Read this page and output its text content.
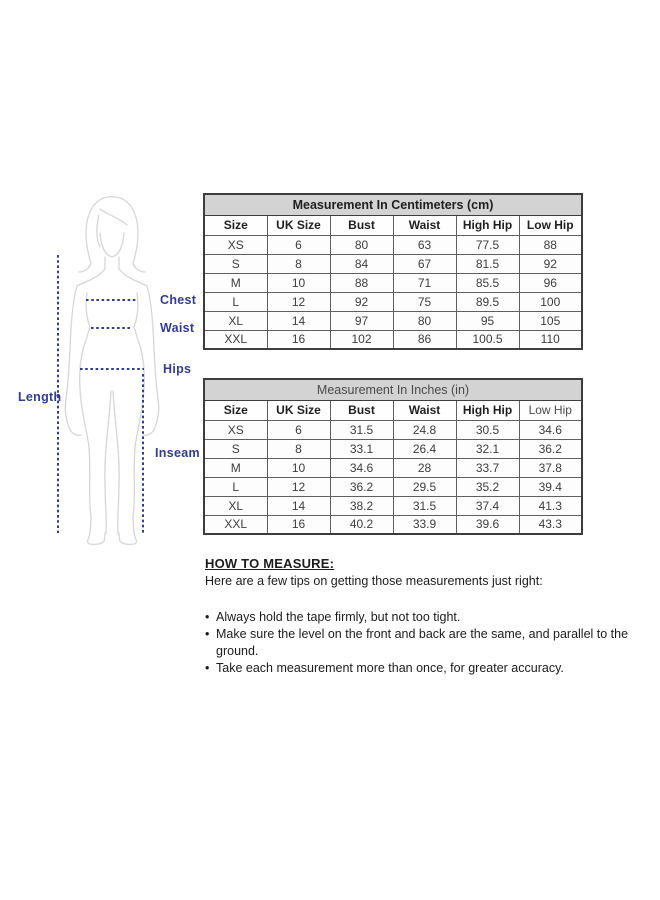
Chest
Waist
Hips
Length
Inseam
Measurement In Centimeters (cm)					
Size	UK Size	Bust	Waist	High Hip	Low Hip
XS	6	80	63	77.5	88
S	8	84	67	81.5	92
M	10	88	71	85.5	96
L	12	92	75	89.5	100
XL	14	97	80	95	105
XXL	16	102	86	100.5	110
Measurement In Inches (in)					
Size	UK Size	Bust	Waist	High Hip	Low Hip
XS	6	31.5	24.8	30.5	34.6
S	8	33.1	26.4	32.1	36.2
M	10	34.6	28	33.7	37.8
L	12	36.2	29.5	35.2	39.4
XL	14	38.2	31.5	37.4	41.3
XXL	16	40.2	33.9	39.6	43.3
HOW TO MEASURE:
Here are a few tips on getting those measurements just right:
• Always hold the tape firmly, but not too tight.
• Make sure the level on the front and back are the same, and parallel to the ground.
• Take each measurement more than once, for greater accuracy.
